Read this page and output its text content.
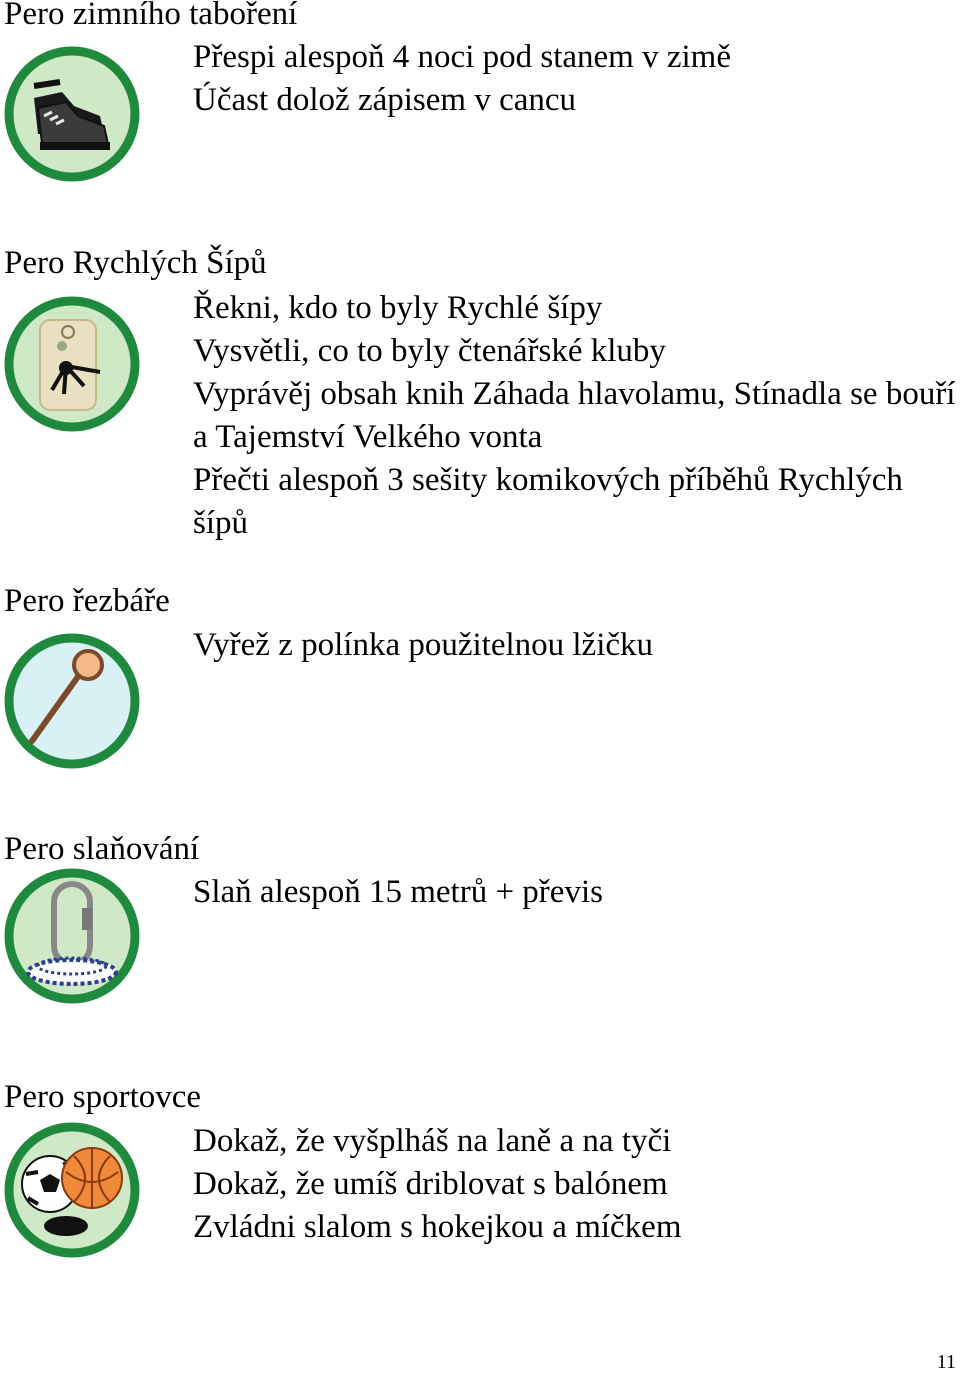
Pero zimního taboření
Přespi alespoň 4 noci pod stanem v zimě
Účast dolož zápisem v cancu
Pero Rychlých Šípů
Řekni, kdo to byly Rychlé šípy
Vysvětli, co to byly čtenářské kluby
Vyprávěj obsah knih Záhada hlavolamu, Stínadla se bouří a Tajemství Velkého vonta
Přečti alespoň 3 sešity komikových příběhů Rychlých šípů
Pero řezbáře
Vyřež z polínka použitelnou lžičku
Pero slaňování
Slaň alespoň 15 metrů + převis
Pero sportovce
Dokaž, že vyšplháš na laně a na tyči
Dokaž, že umíš driblovat s balónem
Zvládni slalom s hokejkou a míčkem
11
